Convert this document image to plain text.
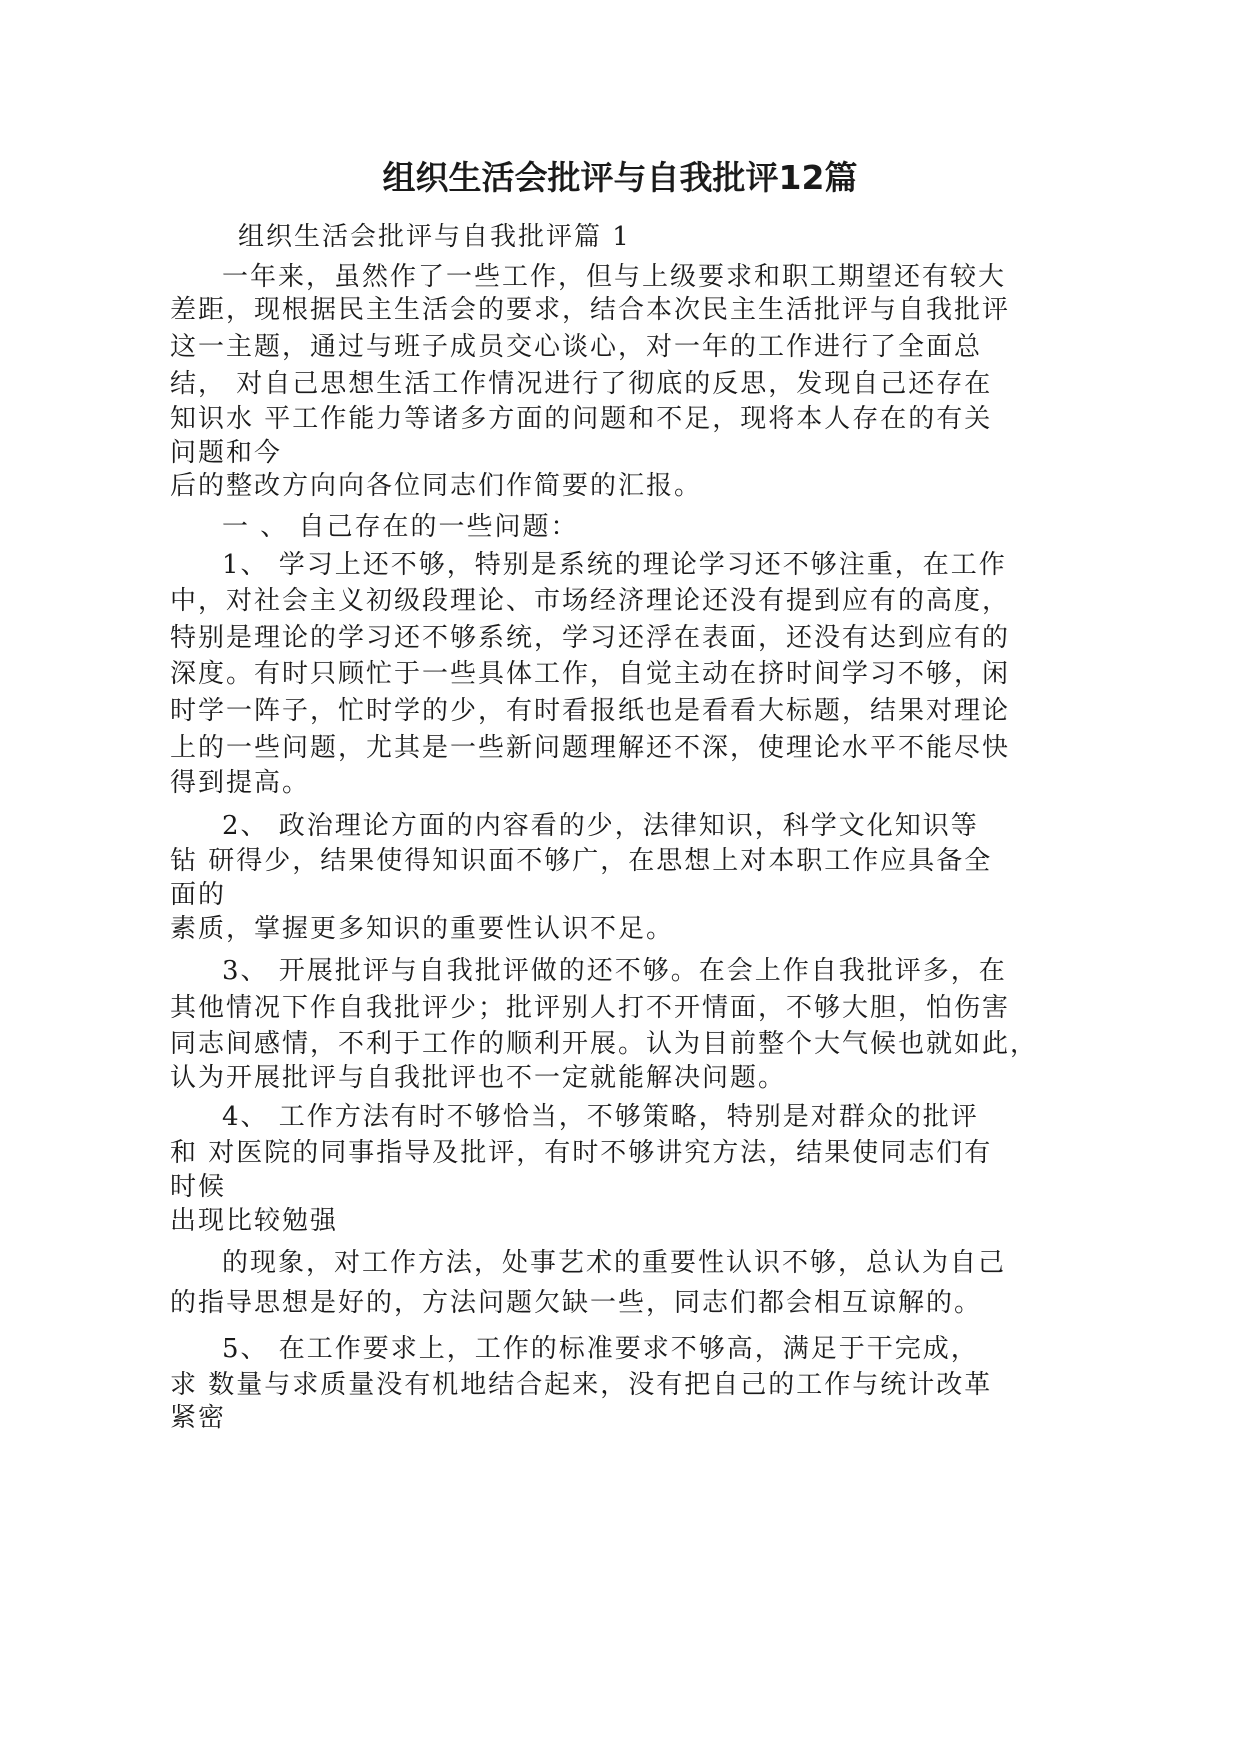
组织生活会批评与自我批评12篇
组织生活会批评与自我批评篇 1
一年来，虽然作了一些工作，但与上级要求和职工期望还有较大
差距，现根据民主生活会的要求，结合本次民主生活批评与自我批评
这一主题，通过与班子成员交心谈心，对一年的工作进行了全面总
结， 对自己思想生活工作情况进行了彻底的反思，发现自己还存在
知识水 平工作能力等诸多方面的问题和不足，现将本人存在的有关
问题和今
后的整改方向向各位同志们作简要的汇报。
一 、 自己存在的一些问题：
1、 学习上还不够，特别是系统的理论学习还不够注重，在工作
中，对社会主义初级段理论、市场经济理论还没有提到应有的高度，
特别是理论的学习还不够系统，学习还浮在表面，还没有达到应有的
深度。有时只顾忙于一些具体工作，自觉主动在挤时间学习不够，闲
时学一阵子，忙时学的少，有时看报纸也是看看大标题，结果对理论
上的一些问题，尤其是一些新问题理解还不深，使理论水平不能尽快
得到提高。
2、 政治理论方面的内容看的少，法律知识，科学文化知识等
钻 研得少，结果使得知识面不够广，在思想上对本职工作应具备全
面的
素质，掌握更多知识的重要性认识不足。
3、 开展批评与自我批评做的还不够。在会上作自我批评多，在
其他情况下作自我批评少；批评别人打不开情面，不够大胆，怕伤害
同志间感情，不利于工作的顺利开展。认为目前整个大气候也就如此，
认为开展批评与自我批评也不一定就能解决问题。
4、 工作方法有时不够恰当，不够策略，特别是对群众的批评
和 对医院的同事指导及批评，有时不够讲究方法，结果使同志们有
时候
出现比较勉强
的现象，对工作方法，处事艺术的重要性认识不够，总认为自己
的指导思想是好的，方法问题欠缺一些，同志们都会相互谅解的。
5、 在工作要求上，工作的标准要求不够高，满足于干完成，
求 数量与求质量没有机地结合起来，没有把自己的工作与统计改革
紧密
